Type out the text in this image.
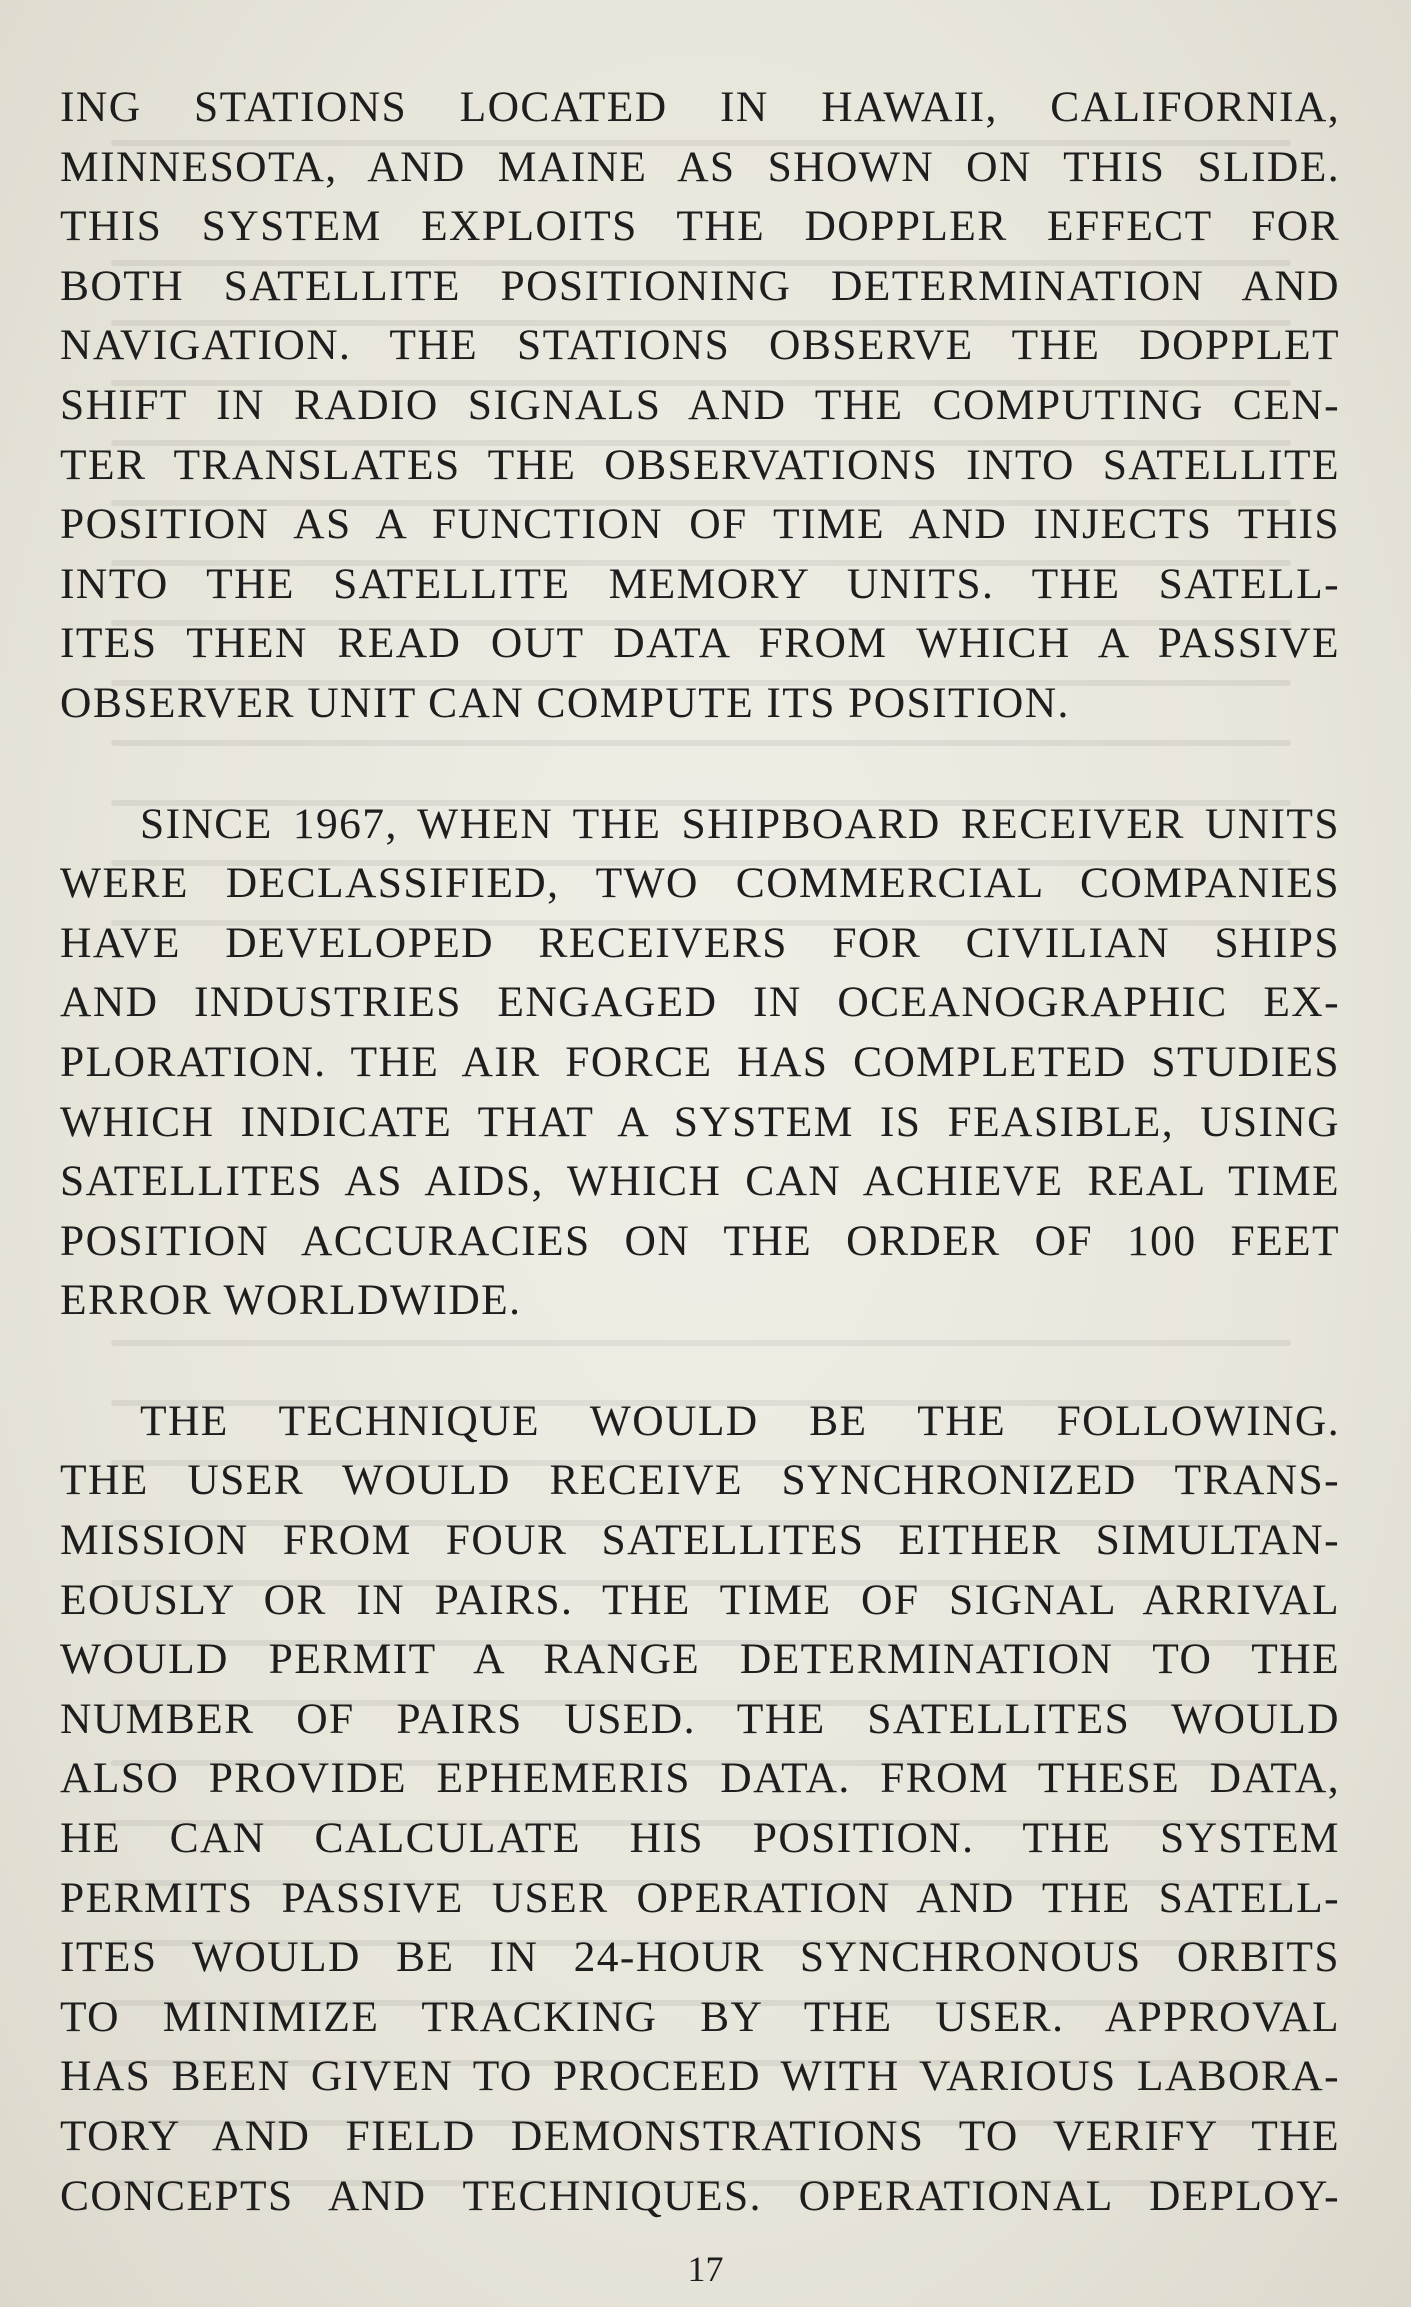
ING STATIONS LOCATED IN HAWAII, CALIFORNIA,
MINNESOTA, AND MAINE AS SHOWN ON THIS SLIDE.
THIS SYSTEM EXPLOITS THE DOPPLER EFFECT FOR
BOTH SATELLITE POSITIONING DETERMINATION AND
NAVIGATION. THE STATIONS OBSERVE THE DOPPLET
SHIFT IN RADIO SIGNALS AND THE COMPUTING CEN-
TER TRANSLATES THE OBSERVATIONS INTO SATELLITE
POSITION AS A FUNCTION OF TIME AND INJECTS THIS
INTO THE SATELLITE MEMORY UNITS. THE SATELL-
ITES THEN READ OUT DATA FROM WHICH A PASSIVE
OBSERVER UNIT CAN COMPUTE ITS POSITION.
SINCE 1967, WHEN THE SHIPBOARD RECEIVER UNITS
WERE DECLASSIFIED, TWO COMMERCIAL COMPANIES
HAVE DEVELOPED RECEIVERS FOR CIVILIAN SHIPS
AND INDUSTRIES ENGAGED IN OCEANOGRAPHIC EX-
PLORATION. THE AIR FORCE HAS COMPLETED STUDIES
WHICH INDICATE THAT A SYSTEM IS FEASIBLE, USING
SATELLITES AS AIDS, WHICH CAN ACHIEVE REAL TIME
POSITION ACCURACIES ON THE ORDER OF 100 FEET
ERROR WORLDWIDE.
THE TECHNIQUE WOULD BE THE FOLLOWING.
THE USER WOULD RECEIVE SYNCHRONIZED TRANS-
MISSION FROM FOUR SATELLITES EITHER SIMULTAN-
EOUSLY OR IN PAIRS. THE TIME OF SIGNAL ARRIVAL
WOULD PERMIT A RANGE DETERMINATION TO THE
NUMBER OF PAIRS USED. THE SATELLITES WOULD
ALSO PROVIDE EPHEMERIS DATA. FROM THESE DATA,
HE CAN CALCULATE HIS POSITION. THE SYSTEM
PERMITS PASSIVE USER OPERATION AND THE SATELL-
ITES WOULD BE IN 24-HOUR SYNCHRONOUS ORBITS
TO MINIMIZE TRACKING BY THE USER. APPROVAL
HAS BEEN GIVEN TO PROCEED WITH VARIOUS LABORA-
TORY AND FIELD DEMONSTRATIONS TO VERIFY THE
CONCEPTS AND TECHNIQUES. OPERATIONAL DEPLOY-
17
